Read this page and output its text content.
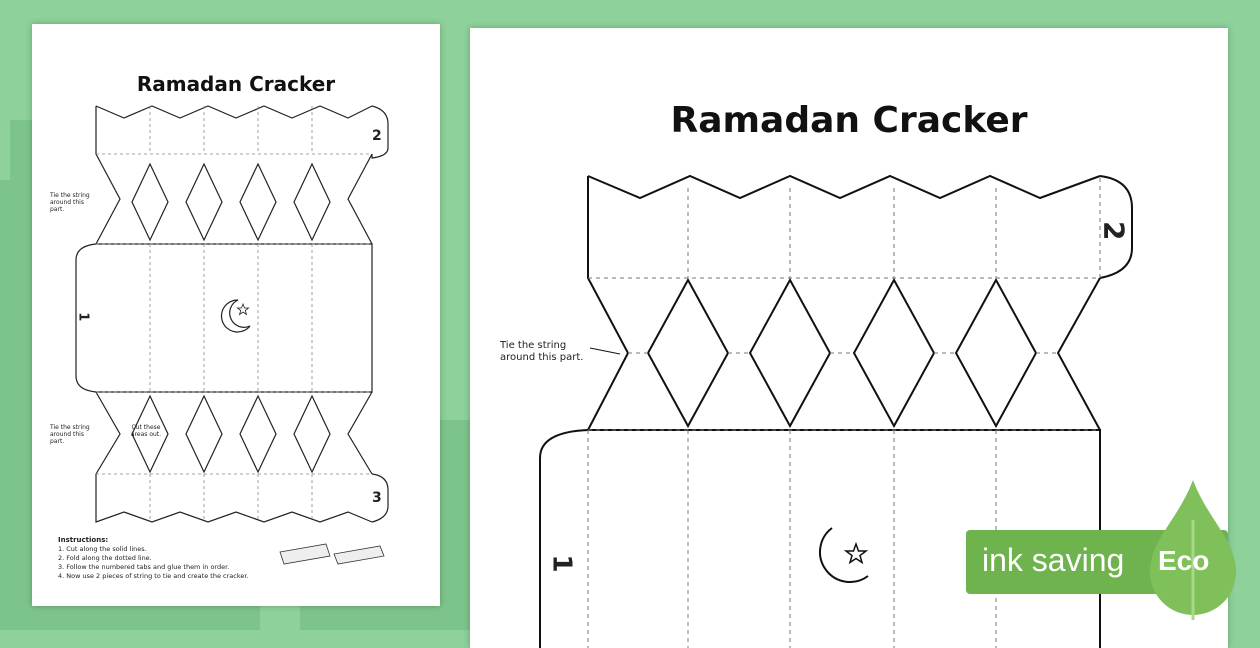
Ramadan Cracker
2
1
3
Tie the string around this part.
Tie the string around this part.
Cut these areas out.
Instructions:
1. Cut along the solid lines.
2. Fold along the dotted line.
3. Follow the numbered tabs and glue them in order.
4. Now use 2 pieces of string to tie and create the cracker.
Ramadan Cracker
2
1
Tie the string around this part.
ink saving Eco
